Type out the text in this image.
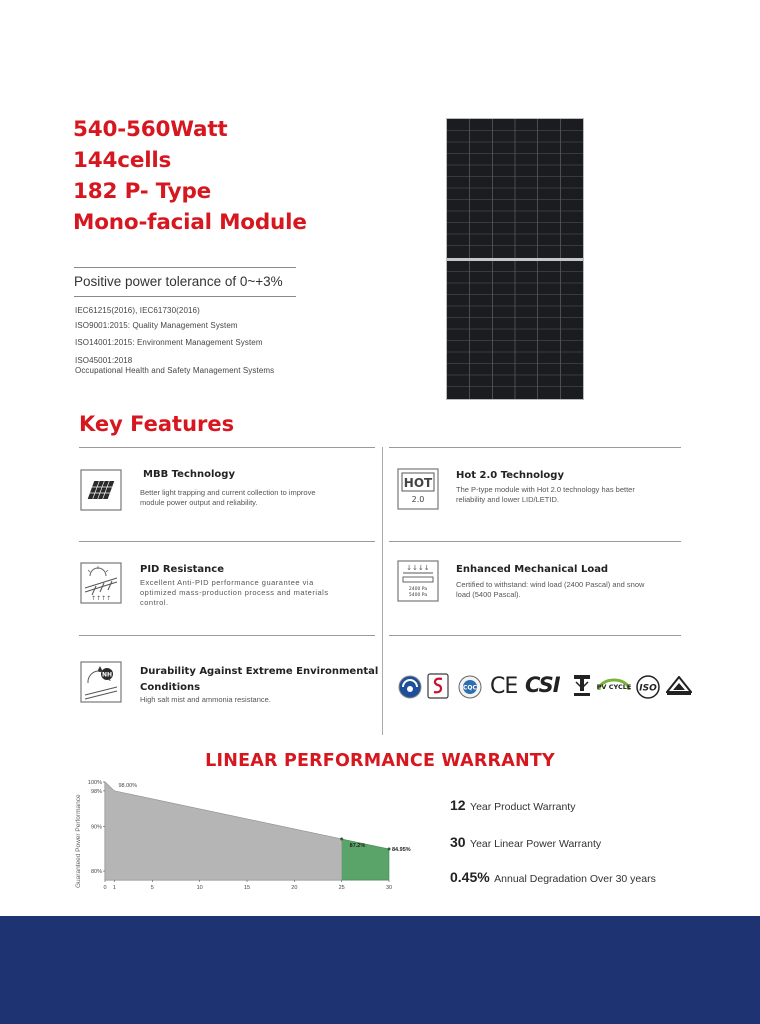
540-560Watt
144cells
182 P- Type
Mono-facial Module
Positive power tolerance of 0~+3%
IEC61215(2016), IEC61730(2016)
ISO9001:2015: Quality Management System
ISO14001:2015: Environment Management System
ISO45001:2018
Occupational Health and Safety Management Systems
Key Features
MBB Technology
Better light trapping and current collection to improve
module power output and reliability.
HOT
2.0
Hot 2.0 Technology
The P-type module with Hot 2.0 technology has better
reliability and lower LID/LETID.
↑↑↑↑
PID Resistance
Excellent Anti-PID performance guarantee via
optimized mass-production process and materials
control.
↓↓↓↓
2400 Pa
5400 Pa
Enhanced Mechanical Load
Certified to withstand: wind load (2400 Pascal) and snow
load (5400 Pascal).
NH	Durability Against Extreme Environmental
Conditions
High salt mist and ammonia resistance.
CQC CE CSI	PV CYCLE ISO
LINEAR PERFORMANCE WARRANTY
Guaranteed Power Performance
100%
98%
90%
80%
0 1	5	10	15	20	25	30
98.00%
84.95%
87.2%
12 Year Product Warranty
30 Year Linear Power Warranty
0.45% Annual Degradation Over 30 years
